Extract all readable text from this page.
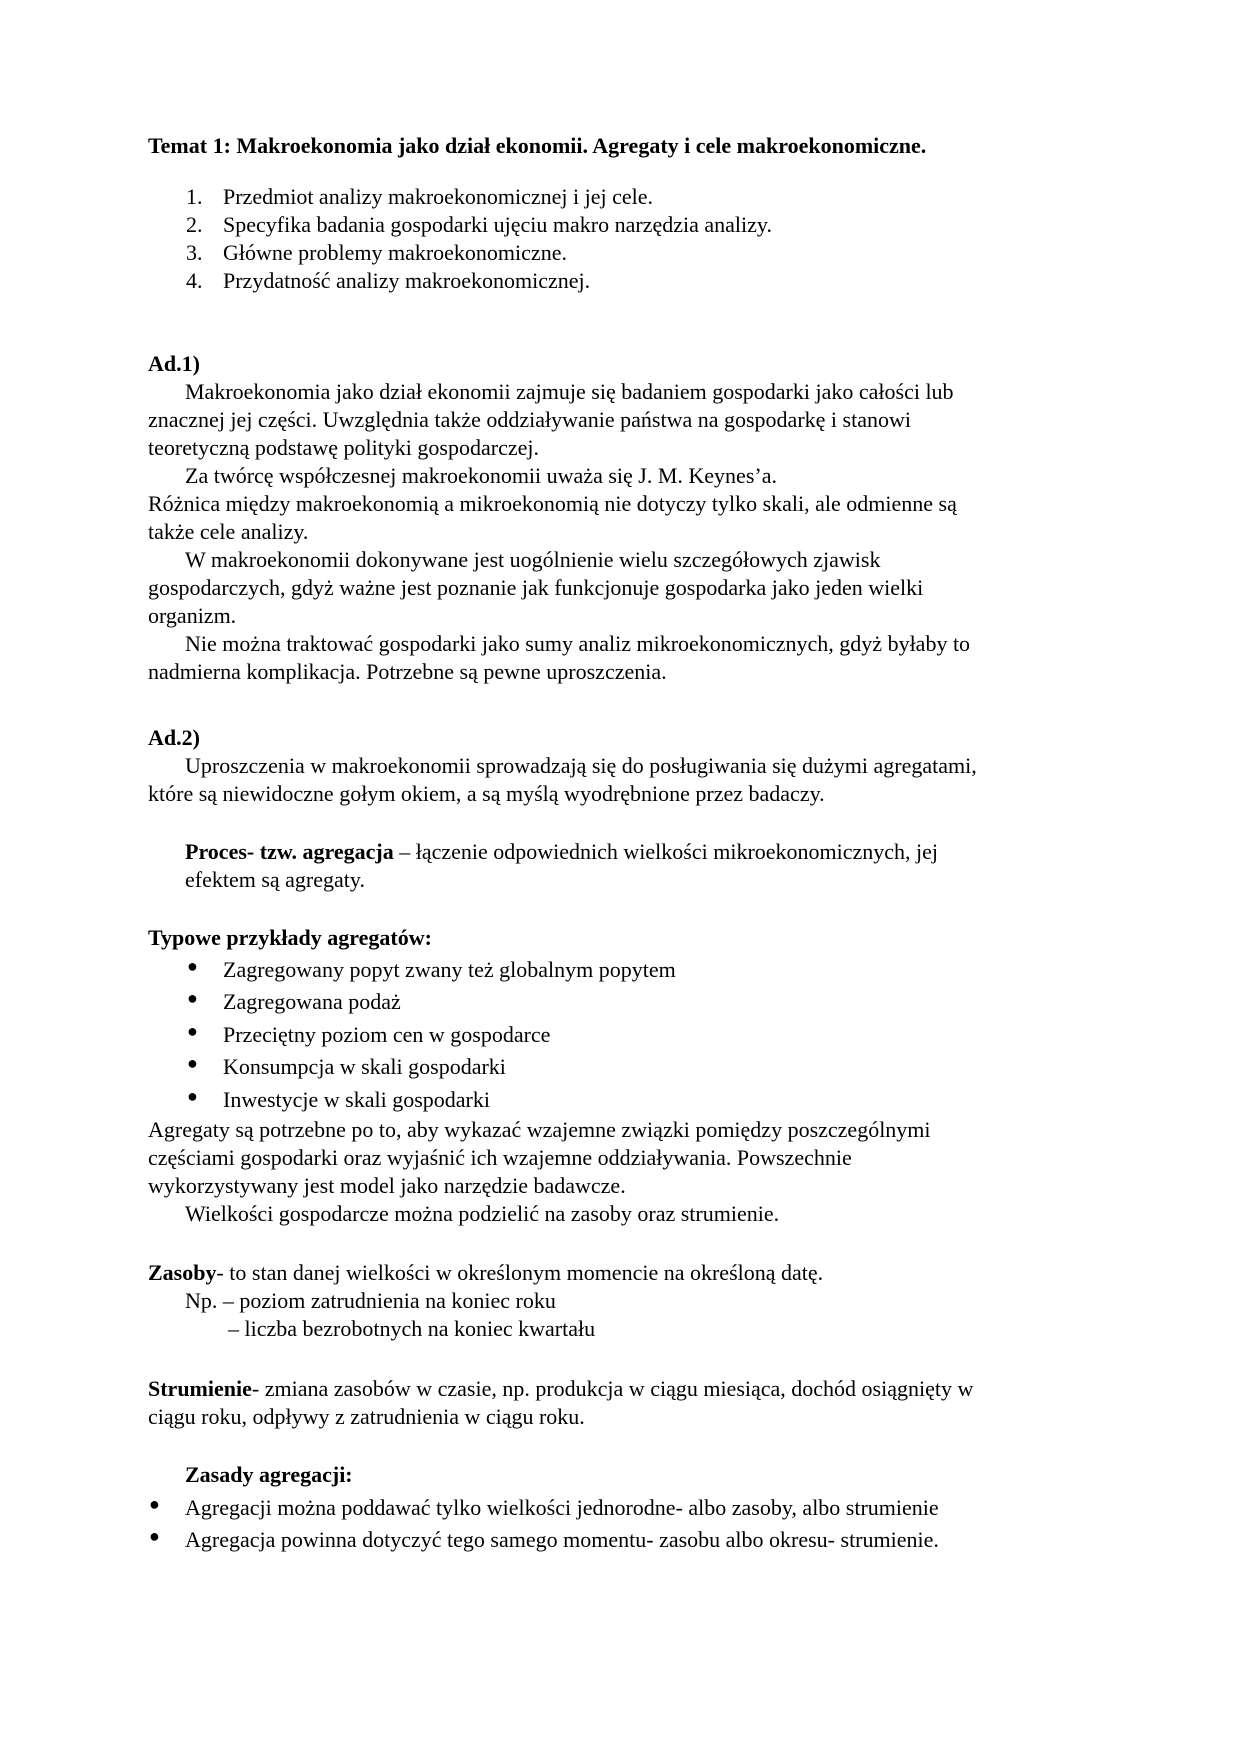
Temat 1: Makroekonomia jako dział ekonomii. Agregaty i cele makroekonomiczne.
1. Przedmiot analizy makroekonomicznej i jej cele.
2. Specyfika badania gospodarki ujęciu makro narzędzia analizy.
3. Główne problemy makroekonomiczne.
4. Przydatność analizy makroekonomicznej.
Ad.1)
Makroekonomia jako dział ekonomii zajmuje się badaniem gospodarki jako całości lub
znacznej jej części. Uwzględnia także oddziaływanie państwa na gospodarkę i stanowi
teoretyczną podstawę polityki gospodarczej.
Za twórcę współczesnej makroekonomii uważa się J. M. Keynes’a.
Różnica między makroekonomią a mikroekonomią nie dotyczy tylko skali, ale odmienne są
także cele analizy.
W makroekonomii dokonywane jest uogólnienie wielu szczegółowych zjawisk
gospodarczych, gdyż ważne jest poznanie jak funkcjonuje gospodarka jako jeden wielki
organizm.
Nie można traktować gospodarki jako sumy analiz mikroekonomicznych, gdyż byłaby to
nadmierna komplikacja. Potrzebne są pewne uproszczenia.
Ad.2)
Uproszczenia w makroekonomii sprowadzają się do posługiwania się dużymi agregatami,
które są niewidoczne gołym okiem, a są myślą wyodrębnione przez badaczy.
Proces- tzw. agregacja – łączenie odpowiednich wielkości mikroekonomicznych, jej
efektem są agregaty.
Typowe przykłady agregatów:
● Zagregowany popyt zwany też globalnym popytem
● Zagregowana podaż
● Przeciętny poziom cen w gospodarce
● Konsumpcja w skali gospodarki
● Inwestycje w skali gospodarki
Agregaty są potrzebne po to, aby wykazać wzajemne związki pomiędzy poszczególnymi
częściami gospodarki oraz wyjaśnić ich wzajemne oddziaływania. Powszechnie
wykorzystywany jest model jako narzędzie badawcze.
Wielkości gospodarcze można podzielić na zasoby oraz strumienie.
Zasoby- to stan danej wielkości w określonym momencie na określoną datę.
Np. – poziom zatrudnienia na koniec roku
– liczba bezrobotnych na koniec kwartału
Strumienie- zmiana zasobów w czasie, np. produkcja w ciągu miesiąca, dochód osiągnięty w
ciągu roku, odpływy z zatrudnienia w ciągu roku.
Zasady agregacji:
● Agregacji można poddawać tylko wielkości jednorodne- albo zasoby, albo strumienie
● Agregacja powinna dotyczyć tego samego momentu- zasobu albo okresu- strumienie.
